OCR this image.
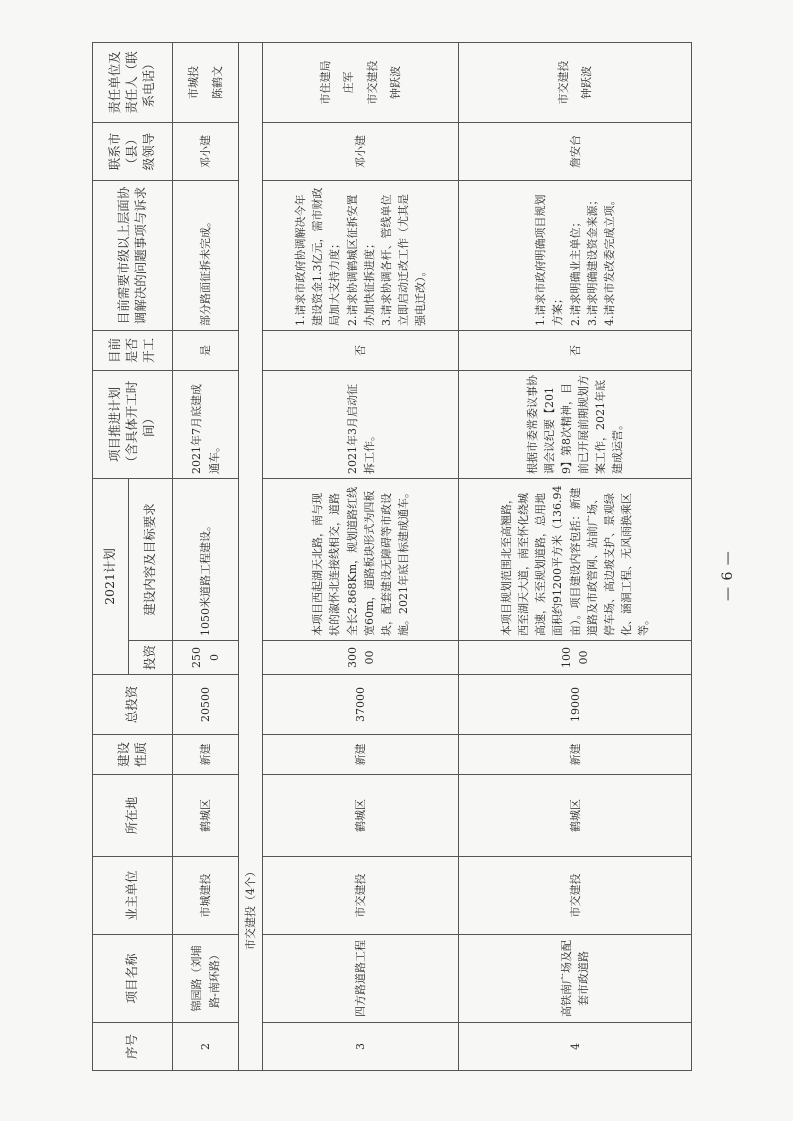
序号	项目名称	业主单位	所在地	建设性质	总投资	2021计划		项目推进计划（含具体开工时间）	目前是否开工	目前需要市级以上层面协调解决的问题事项与诉求	联系市（县）级领导	责任单位及责任人（联系电话）
						投资	建设内容及目标要求					
2	锦园路（刘埔路-南环路）	市城建投	鹤城区	新建	20500	2500	1050米道路工程建设。	2021年7月底建成通车。	是	部分路面征拆未完成。	邓小建	市城投 陈鹤文

市交建投（4个）												
3	四方路道路工程	市交建投	鹤城区	新建	37000	30000	本项目西起湖天北路，南与现状的溆怀北连接线相交，道路全长2.868Km，规划道路红线宽60m，道路板块形式为四板块，配套建设无障碍等市政设施。2021年底目标建成通车。	2021年3月启动征拆工作。	否	1.请求市政府协调解决今年建设资金1.3亿元，需市财政局加大支持力度； 2.请求协调鹤城区征拆安置办加快征拆进度； 3.请求协调各杆、管线单位立即启动迁改工作（尤其是强电迁改）。	邓小建	市住建局 庄军 市交建投 钟跃波

4	高铁南广场及配套市政道路	市交建投	鹤城区	新建	19000	10000	本项目规划范围北至高翘路，西至湖天大道，南至怀化绕城高速，东至规划道路，总用地面积约91200平方米（136.94亩）。项目建设内容包括：新建道路及市政管网、站前广场、停车场、高边坡支护、景观绿化、涵洞工程、无风雨换乘区等。	根据市委常委议事协调会议纪要【2019】第8次精神，目前已开展前期规划方案工作，2021年底建成运营。	否	1.请求市政府明确项目规划方案； 2.请求明确业主单位； 3.请求明确建设资金来源； 4.请求市发改委完成立项。	詹安台	市交建投 钟跃波
— 6 —
